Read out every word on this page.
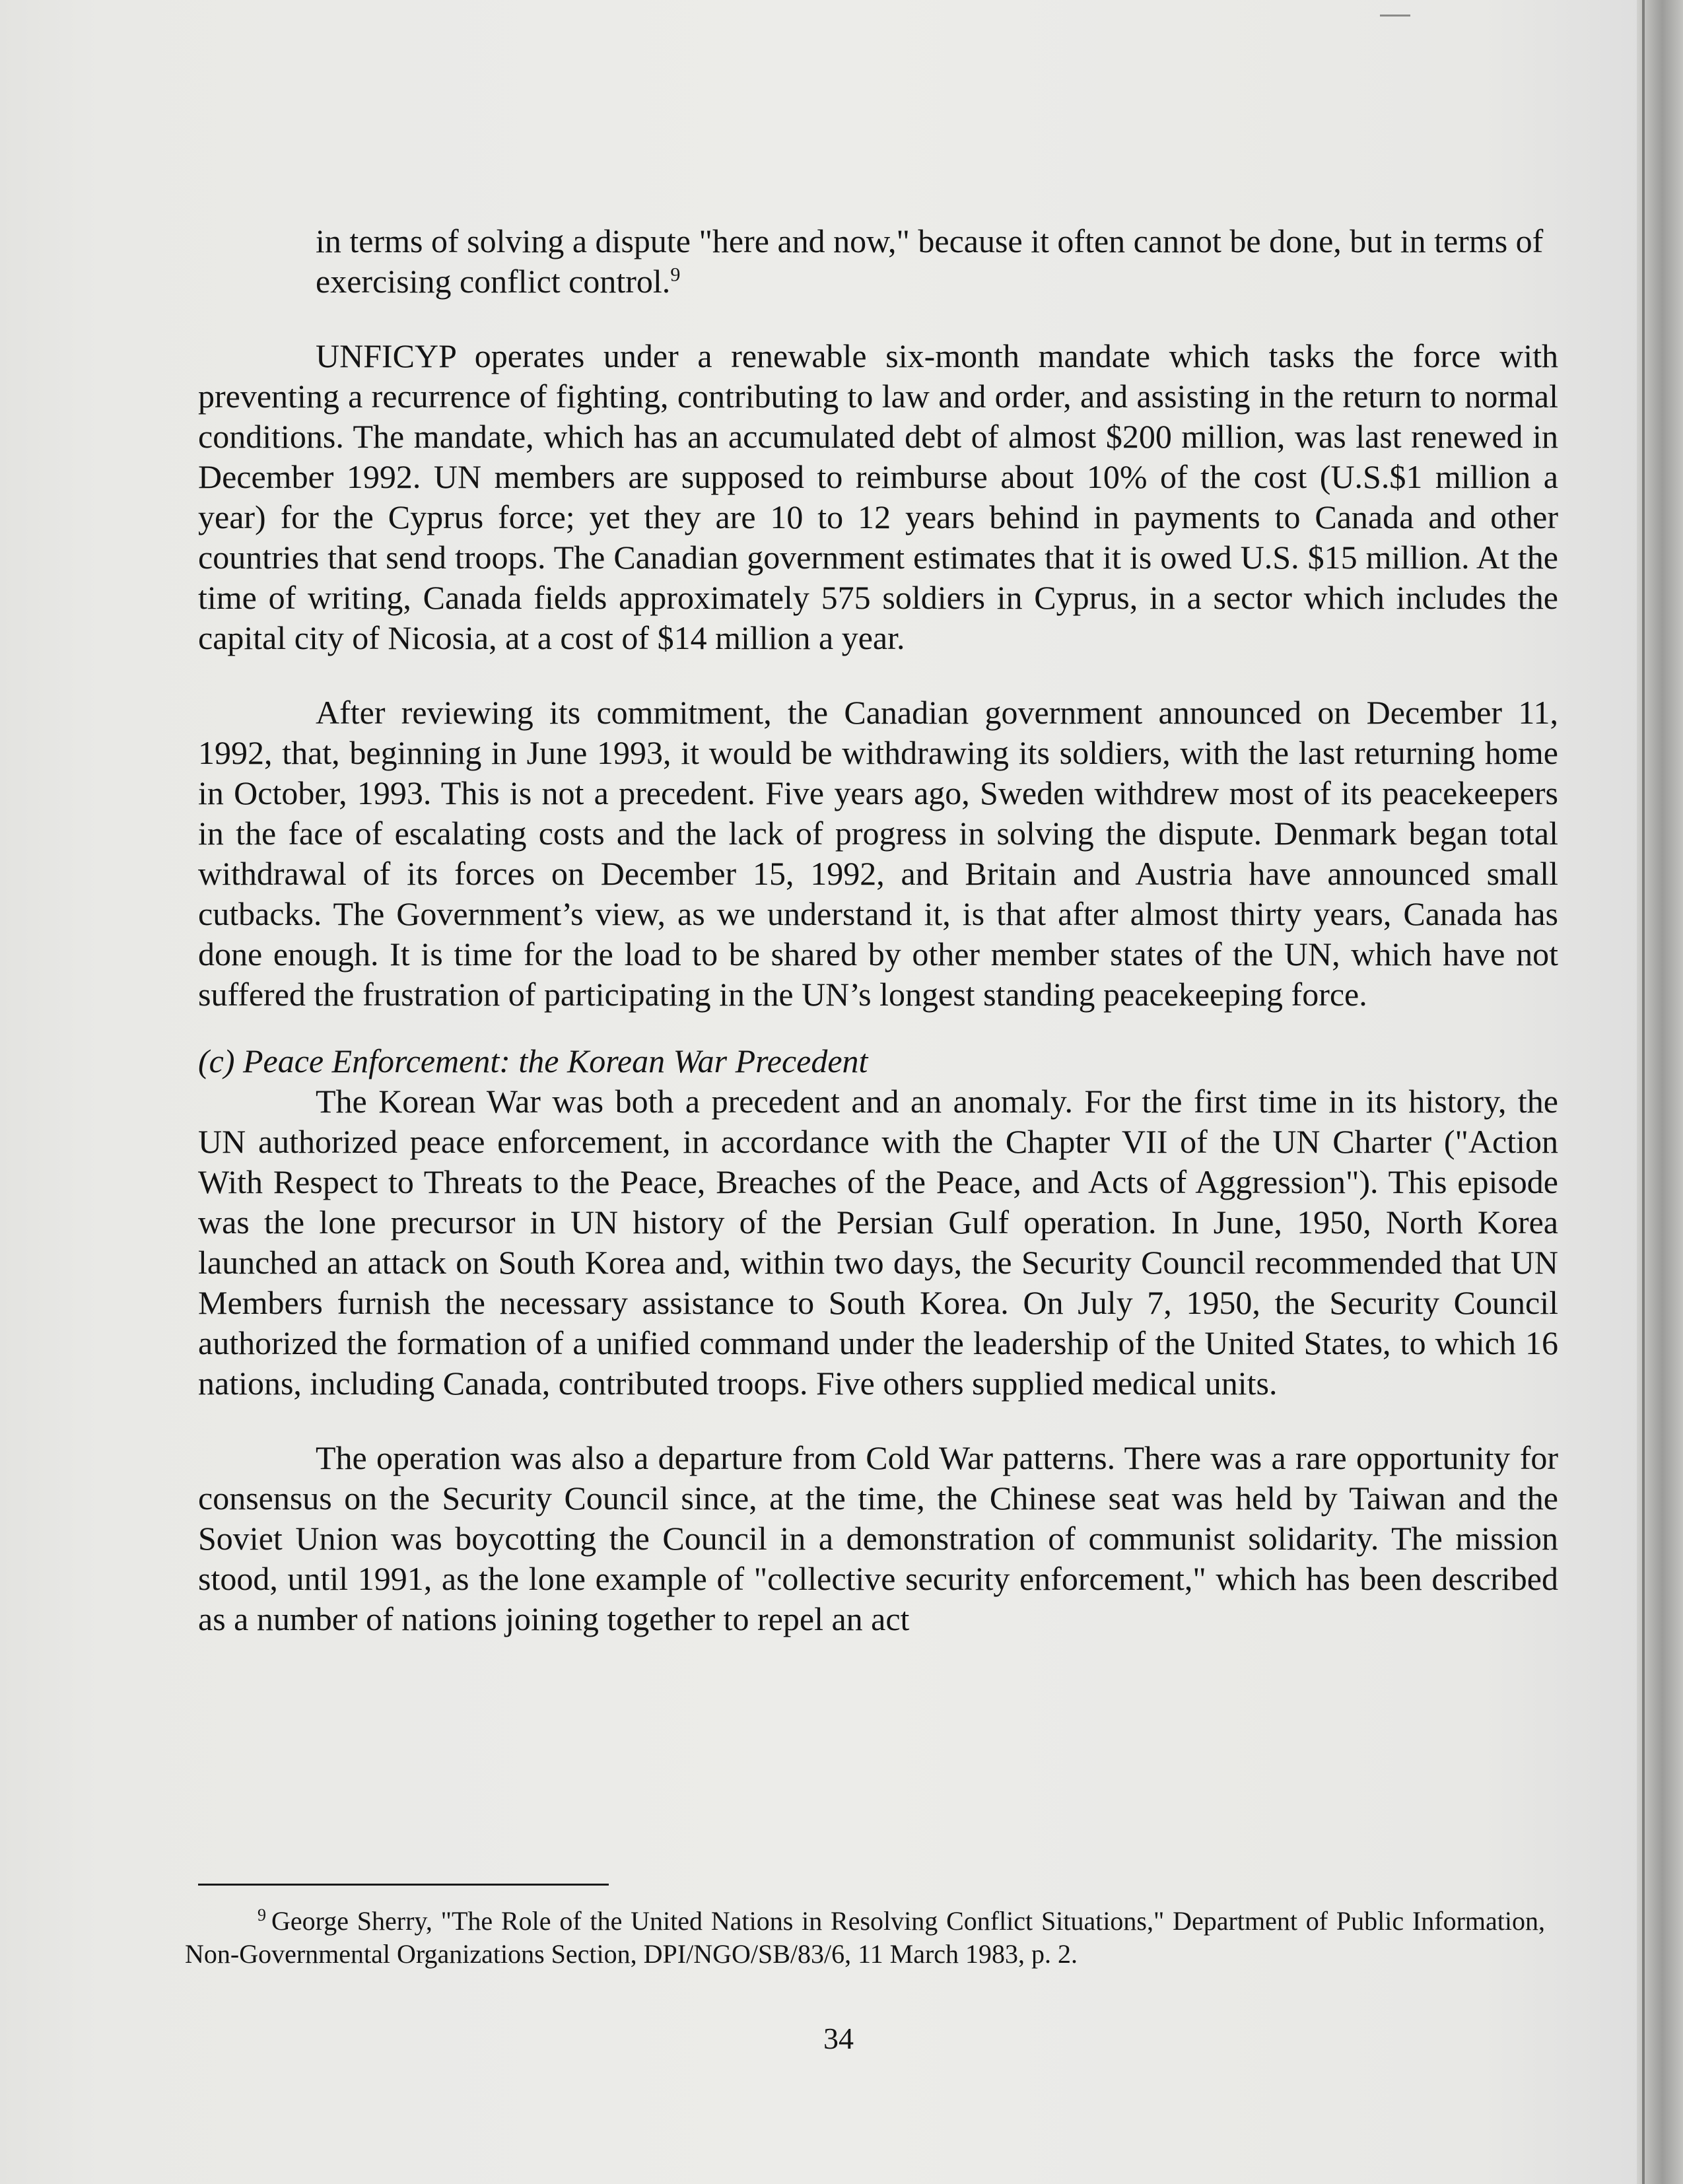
in terms of solving a dispute "here and now," because it often cannot be done, but in terms of exercising conflict control.$^9$

UNFICYP operates under a renewable six-month mandate which tasks the force with preventing a recurrence of fighting, contributing to law and order, and assisting in the return to normal conditions. The mandate, which has an accumulated debt of almost $200 million, was last renewed in December 1992. UN members are supposed to reimburse about 10% of the cost (U.S.$1 million a year) for the Cyprus force; yet they are 10 to 12 years behind in payments to Canada and other countries that send troops. The Canadian government estimates that it is owed U.S. $15 million. At the time of writing, Canada fields approximately 575 soldiers in Cyprus, in a sector which includes the capital city of Nicosia, at a cost of $14 million a year.

After reviewing its commitment, the Canadian government announced on December 11, 1992, that, beginning in June 1993, it would be withdrawing its soldiers, with the last returning home in October, 1993. This is not a precedent. Five years ago, Sweden withdrew most of its peacekeepers in the face of escalating costs and the lack of progress in solving the dispute. Denmark began total withdrawal of its forces on December 15, 1992, and Britain and Austria have announced small cutbacks. The Government’s view, as we understand it, is that after almost thirty years, Canada has done enough. It is time for the load to be shared by other member states of the UN, which have not suffered the frustration of participating in the UN’s longest standing peacekeeping force.

(c) Peace Enforcement: the Korean War Precedent

The Korean War was both a precedent and an anomaly. For the first time in its history, the UN authorized peace enforcement, in accordance with the Chapter VII of the UN Charter ("Action With Respect to Threats to the Peace, Breaches of the Peace, and Acts of Aggression"). This episode was the lone precursor in UN history of the Persian Gulf operation. In June, 1950, North Korea launched an attack on South Korea and, within two days, the Security Council recommended that UN Members furnish the necessary assistance to South Korea. On July 7, 1950, the Security Council authorized the formation of a unified command under the leadership of the United States, to which 16 nations, including Canada, contributed troops. Five others supplied medical units.

The operation was also a departure from Cold War patterns. There was a rare opportunity for consensus on the Security Council since, at the time, the Chinese seat was held by Taiwan and the Soviet Union was boycotting the Council in a demonstration of communist solidarity. The mission stood, until 1991, as the lone example of "collective security enforcement," which has been described as a number of nations joining together to repel an act

$^9$ George Sherry, "The Role of the United Nations in Resolving Conflict Situations," Department of Public Information, Non-Governmental Organizations Section, DPI/NGO/SB/83/6, 11 March 1983, p. 2.

34
